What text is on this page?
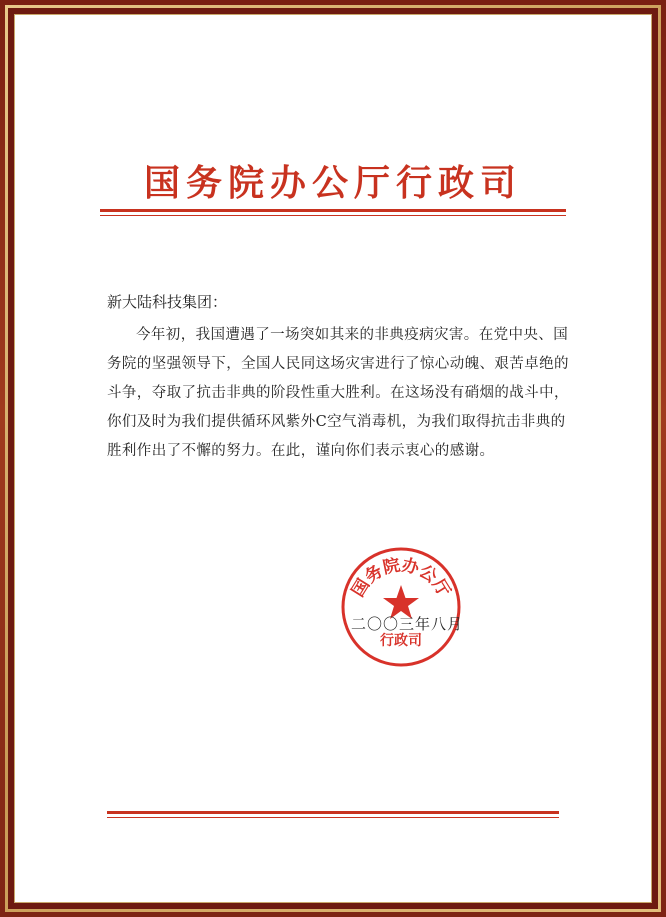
国务院办公厅行政司
新大陆科技集团：
今年初，我国遭遇了一场突如其来的非典疫病灾害。在党中央、国务院的坚强领导下，全国人民同这场灾害进行了惊心动魄、艰苦卓绝的斗争，夺取了抗击非典的阶段性重大胜利。在这场没有硝烟的战斗中，你们及时为我们提供循环风紫外C空气消毒机，为我们取得抗击非典的胜利作出了不懈的努力。在此，谨向你们表示衷心的感谢。
国务院办公厅
行政司
二〇〇三年八月
